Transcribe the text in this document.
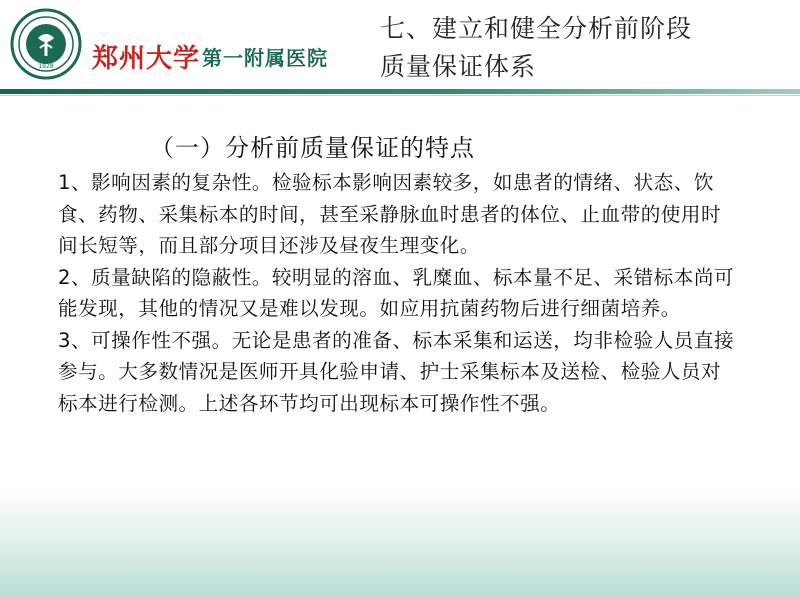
1928 郑州大学 第一附属医院
七、建立和健全分析前阶段
质量保证体系
（一）分析前质量保证的特点

1、影响因素的复杂性。检验标本影响因素较多，如患者的情绪、状态、饮食、药物、采集标本的时间，甚至采静脉血时患者的体位、止血带的使用时间长短等，而且部分项目还涉及昼夜生理变化。

2、质量缺陷的隐蔽性。较明显的溶血、乳糜血、标本量不足、采错标本尚可能发现，其他的情况又是难以发现。如应用抗菌药物后进行细菌培养。

3、可操作性不强。无论是患者的准备、标本采集和运送，均非检验人员直接参与。大多数情况是医师开具化验申请、护士采集标本及送检、检验人员对标本进行检测。上述各环节均可出现标本可操作性不强。
